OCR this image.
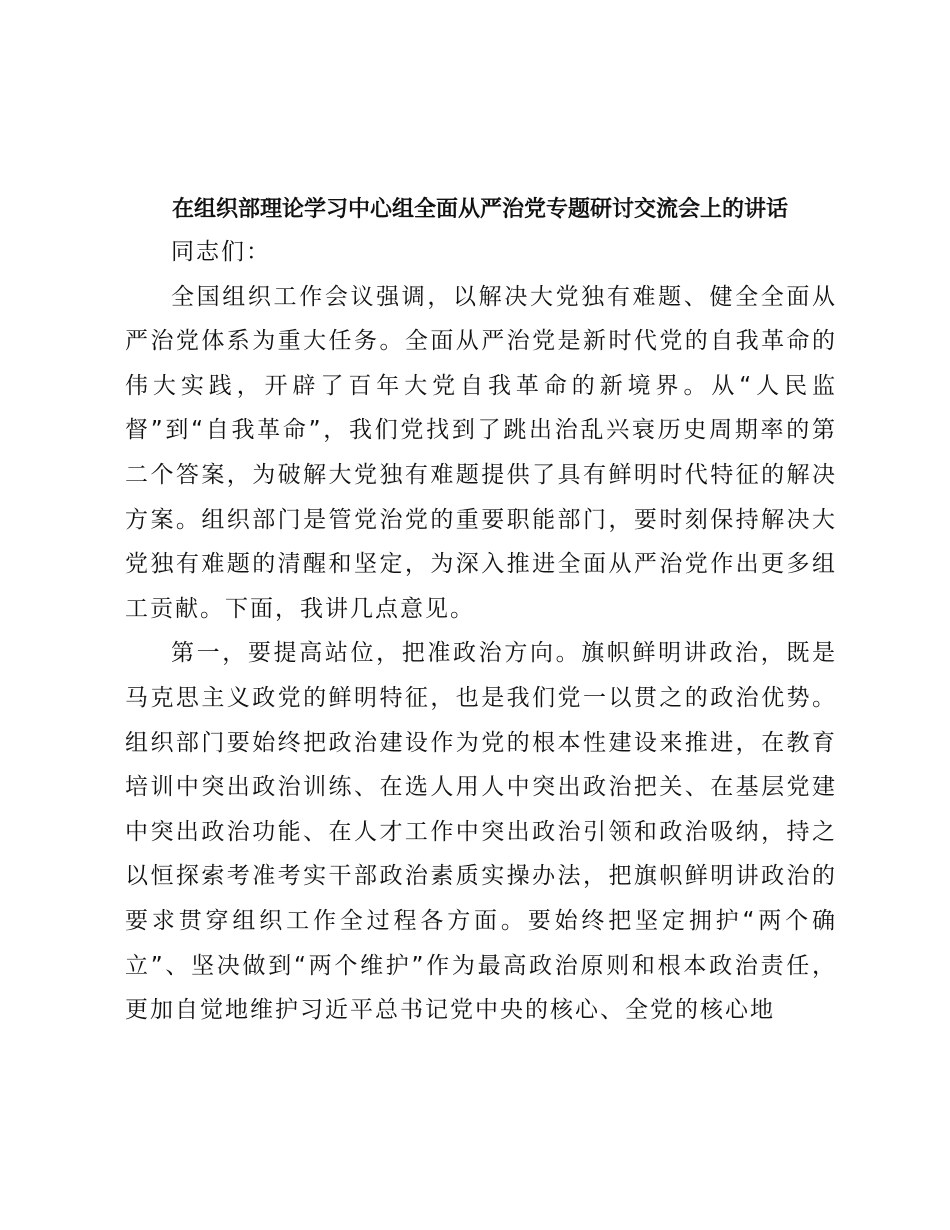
在组织部理论学习中心组全面从严治党专题研讨交流会上的讲话

同志们：

全国组织工作会议强调，以解决大党独有难题、健全全面从严治党体系为重大任务。全面从严治党是新时代党的自我革命的伟大实践，开辟了百年大党自我革命的新境界。从“人民监督”到“自我革命”，我们党找到了跳出治乱兴衰历史周期率的第二个答案，为破解大党独有难题提供了具有鲜明时代特征的解决方案。组织部门是管党治党的重要职能部门，要时刻保持解决大党独有难题的清醒和坚定，为深入推进全面从严治党作出更多组工贡献。下面，我讲几点意见。

第一，要提高站位，把准政治方向。旗帜鲜明讲政治，既是马克思主义政党的鲜明特征，也是我们党一以贯之的政治优势。组织部门要始终把政治建设作为党的根本性建设来推进，在教育培训中突出政治训练、在选人用人中突出政治把关、在基层党建中突出政治功能、在人才工作中突出政治引领和政治吸纳，持之以恒探索考准考实干部政治素质实操办法，把旗帜鲜明讲政治的要求贯穿组织工作全过程各方面。要始终把坚定拥护“两个确立”、坚决做到“两个维护”作为最高政治原则和根本政治责任，更加自觉地维护习近平总书记党中央的核心、全党的核心地
